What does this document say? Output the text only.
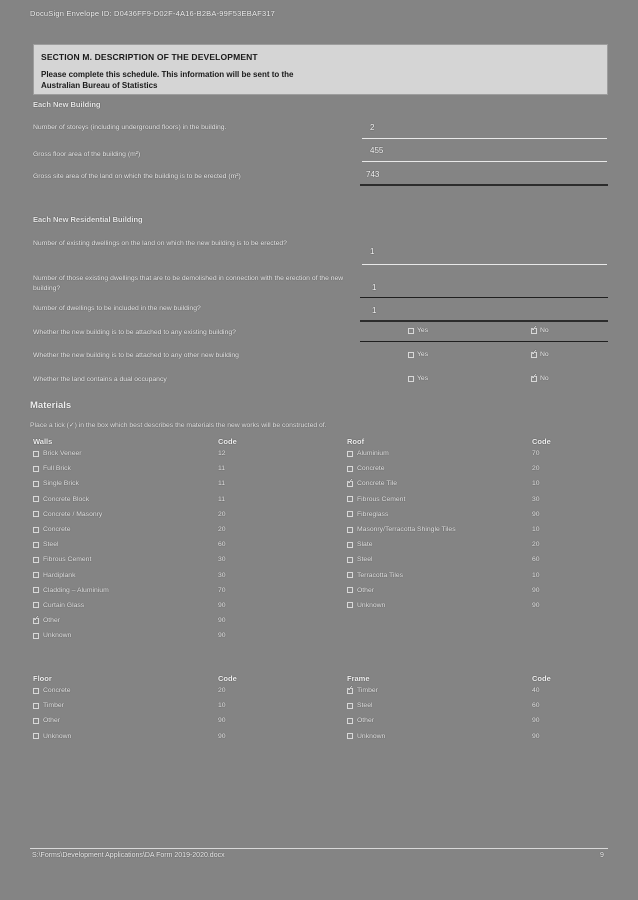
DocuSign Envelope ID: D0436FF9-D02F-4A16-B2BA-99F53EBAF317
SECTION M. DESCRIPTION OF THE DEVELOPMENT
Please complete this schedule. This information will be sent to the
Australian Bureau of Statistics
Each New Building
Number of storeys (including underground floors) in the building.	2
Gross floor area of the building (m²)	455
Gross site area of the land on which the building is to be erected (m²)	743
Each New Residential Building
Number of existing dwellings on the land on which the new building is to be erected?
1
Number of those existing dwellings that are to be demolished in connection with the erection of the new building?	1
Number of dwellings to be included in the new building?	1
Whether the new building is to be attached to any existing building?	Yes ✓	No
Whether the new building is to be attached to any other new building	Yes ✓	No
Whether the land contains a dual occupancy	Yes ✓	No
Materials
Place a tick (✓) in the box which best describes the materials the new works will be constructed of.
Walls	Code
Brick Veneer	12
Full Brick	11
Single Brick	11
Concrete Block	11
Concrete / Masonry	20
Concrete	20
Steel	60
Fibrous Cement	30
Hardiplank	30
Cladding – Aluminium	70
Curtain Glass	90
✓
Other	90
Unknown	90
Roof	Code
Aluminium	70
Concrete	20
✓
Concrete Tile	10
Fibrous Cement	30
Fibreglass	90
Masonry/Terracotta Shingle Tiles	10
Slate	20
Steel	60
Terracotta Tiles	10
Other	90
Unknown	90
Floor	Code
Concrete	20
Timber	10
Other	90
Unknown	90
Frame	Code
✓
Timber	40
Steel	60
Other	90
Unknown	90
S:\Forms\Development Applications\DA Form 2019-2020.docx	9
